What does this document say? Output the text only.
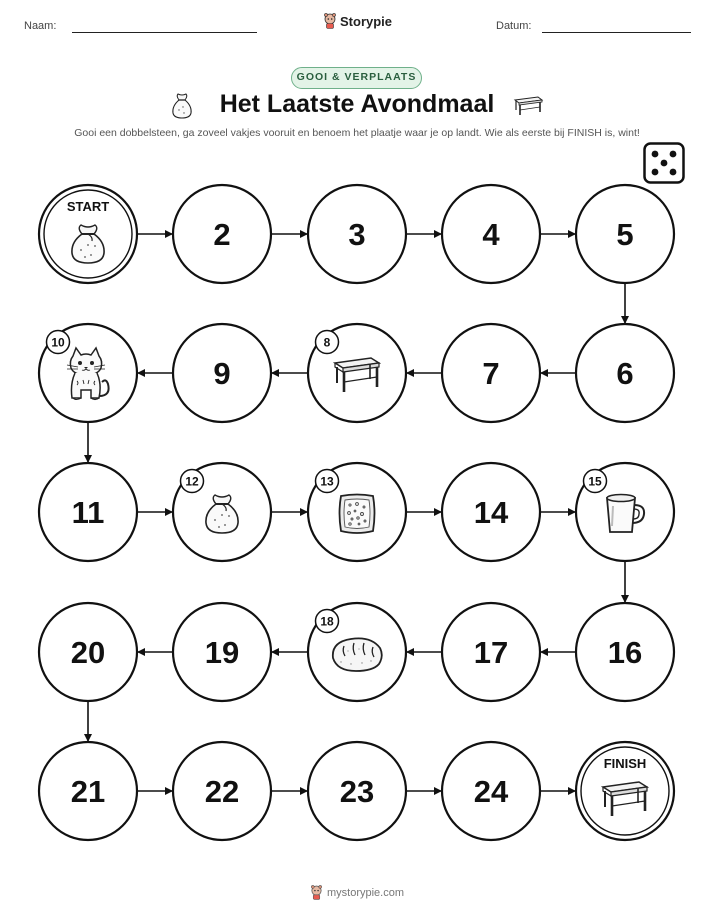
Naam:	Storypie	Datum:
GOOI & VERPLAATS
Het Laatste Avondmaal
Gooi een dobbelsteen, ga zoveel vakjes vooruit en benoem het plaatje waar je op landt. Wie als eerste bij FINISH is, wint!
START
2	3	4	5
6
7
8
9
10
11
12	13
14
15
16
17
18
19
20
21	22	23	24
FINISH
mystorypie.com
